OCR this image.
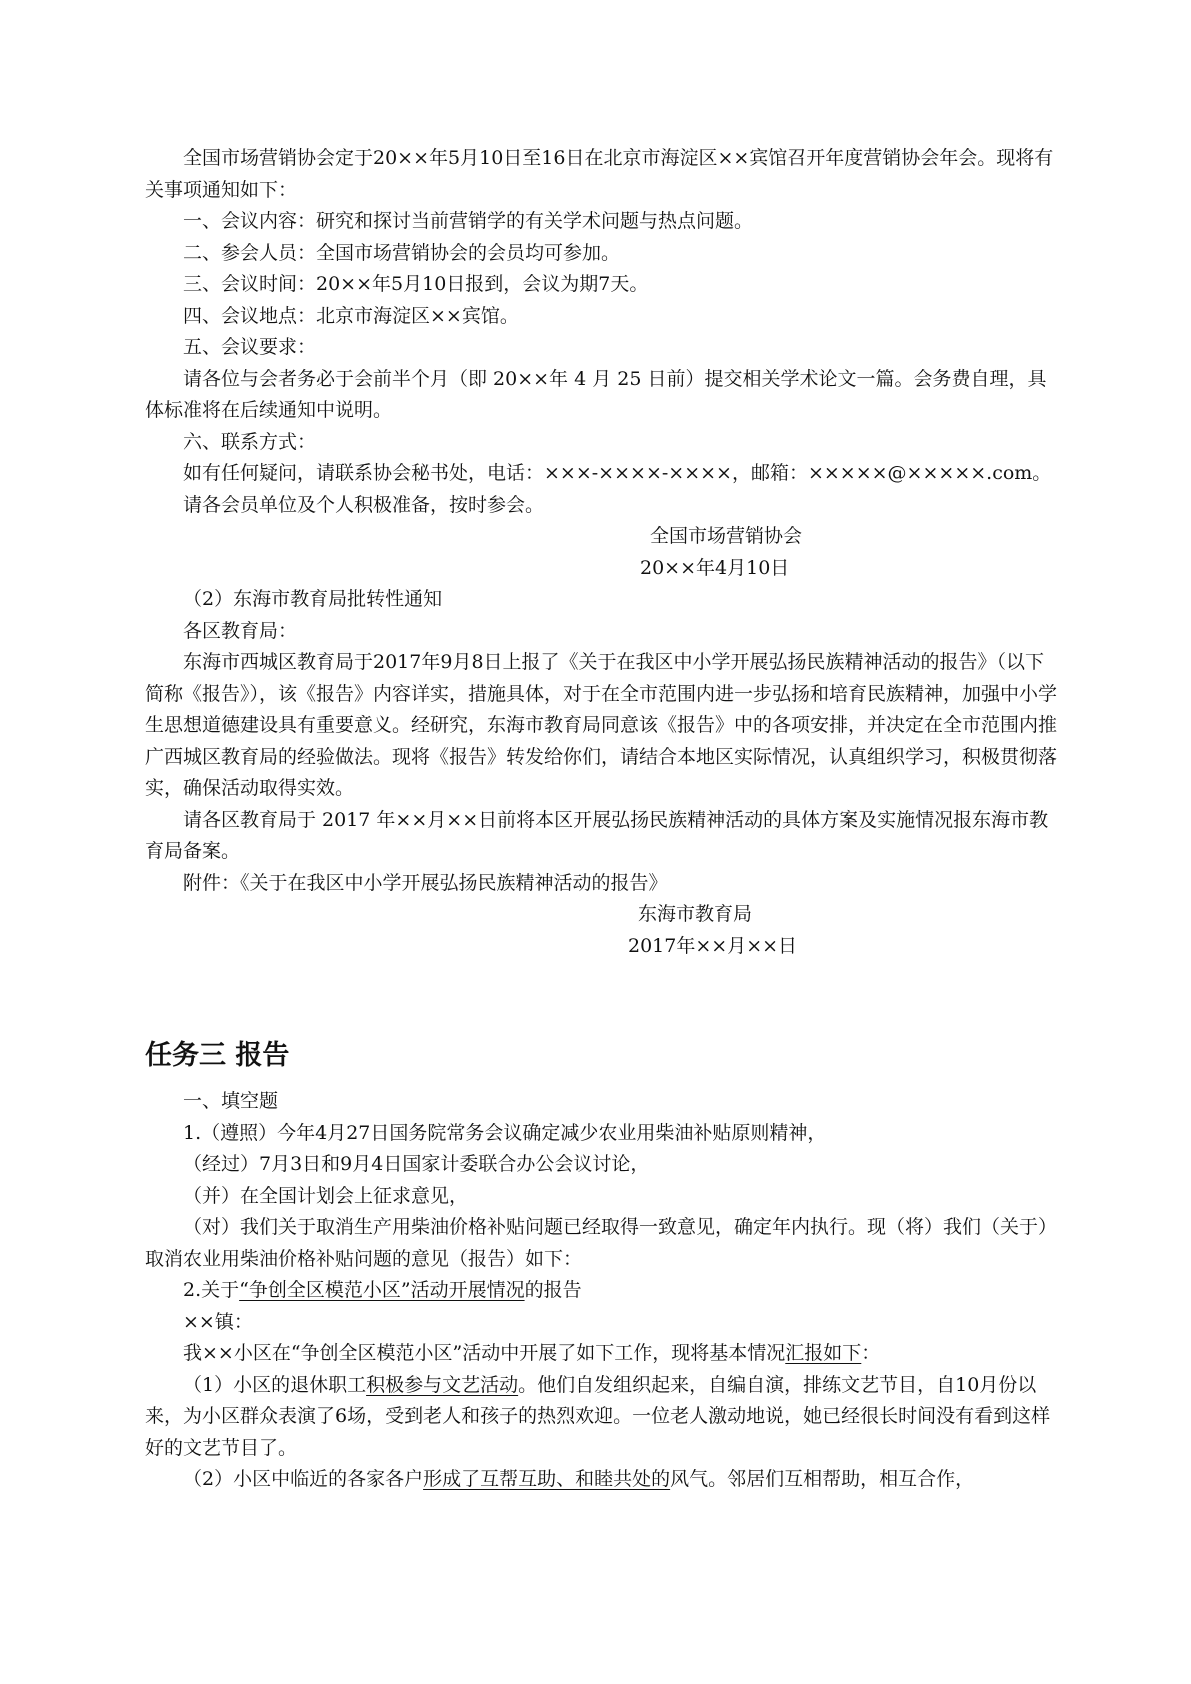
全国市场营销协会定于20××年5月10日至16日在北京市海淀区××宾馆召开年度营销协会年会。现将有关事项通知如下：

一、会议内容：研究和探讨当前营销学的有关学术问题与热点问题。

二、参会人员：全国市场营销协会的会员均可参加。

三、会议时间：20××年5月10日报到，会议为期7天。

四、会议地点：北京市海淀区××宾馆。

五、会议要求：

请各位与会者务必于会前半个月（即 20××年 4 月 25 日前）提交相关学术论文一篇。会务费自理，具体标准将在后续通知中说明。

六、联系方式：

如有任何疑问，请联系协会秘书处，电话：×××-××××-××××，邮箱：×××××@×××××.com。

请各会员单位及个人积极准备，按时参会。

全国市场营销协会

20××年4月10日

（2）东海市教育局批转性通知

各区教育局：

东海市西城区教育局于2017年9月8日上报了《关于在我区中小学开展弘扬民族精神活动的报告》（以下简称《报告》），该《报告》内容详实，措施具体，对于在全市范围内进一步弘扬和培育民族精神，加强中小学生思想道德建设具有重要意义。经研究，东海市教育局同意该《报告》中的各项安排，并决定在全市范围内推广西城区教育局的经验做法。现将《报告》转发给你们，请结合本地区实际情况，认真组织学习，积极贯彻落实，确保活动取得实效。

请各区教育局于 2017 年××月××日前将本区开展弘扬民族精神活动的具体方案及实施情况报东海市教育局备案。

附件：《关于在我区中小学开展弘扬民族精神活动的报告》

东海市教育局

2017年××月××日

任务三 报告

一、填空题

1.（遵照）今年4月27日国务院常务会议确定减少农业用柴油补贴原则精神，

（经过）7月3日和9月4日国家计委联合办公会议讨论，

（并）在全国计划会上征求意见，

（对）我们关于取消生产用柴油价格补贴问题已经取得一致意见，确定年内执行。现（将）我们（关于）取消农业用柴油价格补贴问题的意见（报告）如下：

2.关于“争创全区模范小区”活动开展情况的报告

××镇：

我××小区在“争创全区模范小区”活动中开展了如下工作，现将基本情况汇报如下：

（1）小区的退休职工积极参与文艺活动。他们自发组织起来，自编自演，排练文艺节目，自10月份以来，为小区群众表演了6场，受到老人和孩子的热烈欢迎。一位老人激动地说，她已经很长时间没有看到这样好的文艺节目了。

（2）小区中临近的各家各户形成了互帮互助、和睦共处的风气。邻居们互相帮助，相互合作，
